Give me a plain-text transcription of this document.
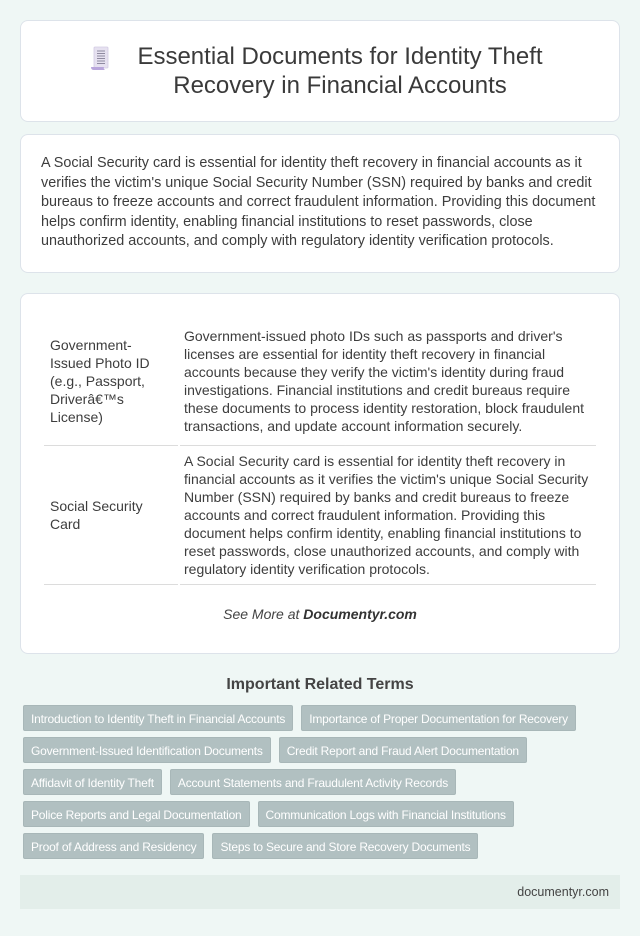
Essential Documents for Identity Theft Recovery in Financial Accounts

A Social Security card is essential for identity theft recovery in financial accounts as it verifies the victim's unique Social Security Number (SSN) required by banks and credit bureaus to freeze accounts and correct fraudulent information. Providing this document helps confirm identity, enabling financial institutions to reset passwords, close unauthorized accounts, and comply with regulatory identity verification protocols.

Government-Issued Photo ID (e.g., Passport, Driverâ€™s License)	Government-issued photo IDs such as passports and driver's licenses are essential for identity theft recovery in financial accounts because they verify the victim's identity during fraud investigations. Financial institutions and credit bureaus require these documents to process identity restoration, block fraudulent transactions, and update account information securely.
Social Security Card	A Social Security card is essential for identity theft recovery in financial accounts as it verifies the victim's unique Social Security Number (SSN) required by banks and credit bureaus to freeze accounts and correct fraudulent information. Providing this document helps confirm identity, enabling financial institutions to reset passwords, close unauthorized accounts, and comply with regulatory identity verification protocols.

See More at Documentyr.com

Important Related Terms
Introduction to Identity Theft in Financial Accounts	Importance of Proper Documentation for Recovery
Government-Issued Identification Documents	Credit Report and Fraud Alert Documentation
Affidavit of Identity Theft	Account Statements and Fraudulent Activity Records
Police Reports and Legal Documentation	Communication Logs with Financial Institutions
Proof of Address and Residency	Steps to Secure and Store Recovery Documents
documentyr.com
